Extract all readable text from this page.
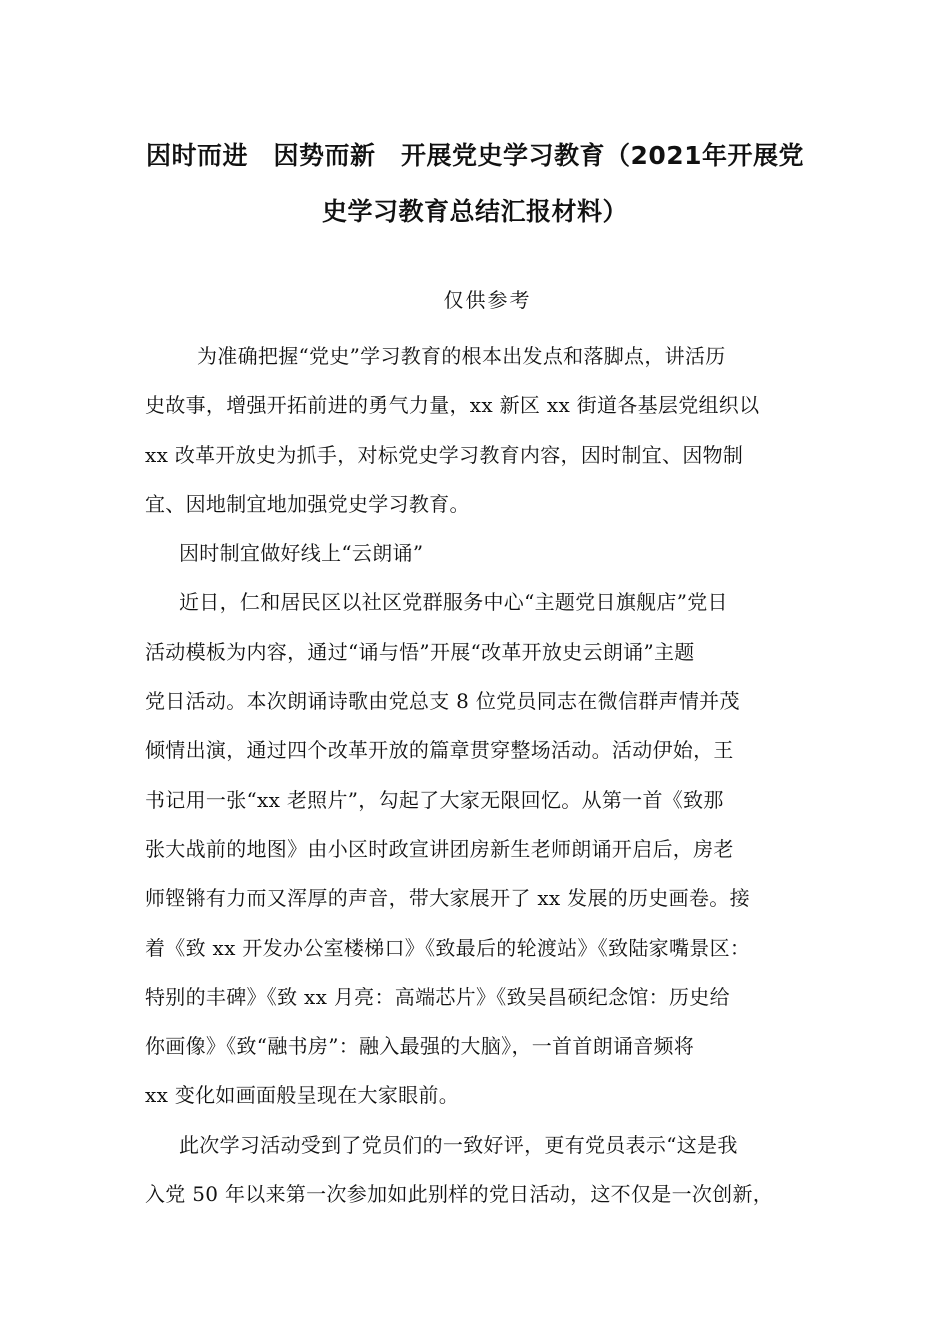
因时而进　因势而新　开展党史学习教育（2021年开展党
史学习教育总结汇报材料）
仅供参考
为准确把握“党史”学习教育的根本出发点和落脚点，讲活历
史故事，增强开拓前进的勇气力量，xx 新区 xx 街道各基层党组织以
xx 改革开放史为抓手，对标党史学习教育内容，因时制宜、因物制
宜、因地制宜地加强党史学习教育。
因时制宜做好线上“云朗诵”
近日，仁和居民区以社区党群服务中心“主题党日旗舰店”党日
活动模板为内容，通过“诵与悟”开展“改革开放史云朗诵”主题
党日活动。本次朗诵诗歌由党总支 8 位党员同志在微信群声情并茂
倾情出演，通过四个改革开放的篇章贯穿整场活动。活动伊始，王
书记用一张“xx 老照片”，勾起了大家无限回忆。从第一首《致那
张大战前的地图》由小区时政宣讲团房新生老师朗诵开启后，房老
师铿锵有力而又浑厚的声音，带大家展开了 xx 发展的历史画卷。接
着《致 xx 开发办公室楼梯口》《致最后的轮渡站》《致陆家嘴景区：
特别的丰碑》《致 xx 月亮：高端芯片》《致吴昌硕纪念馆：历史给
你画像》《致“融书房”：融入最强的大脑》，一首首朗诵音频将
xx 变化如画面般呈现在大家眼前。
此次学习活动受到了党员们的一致好评，更有党员表示“这是我
入党 50 年以来第一次参加如此别样的党日活动，这不仅是一次创新，
